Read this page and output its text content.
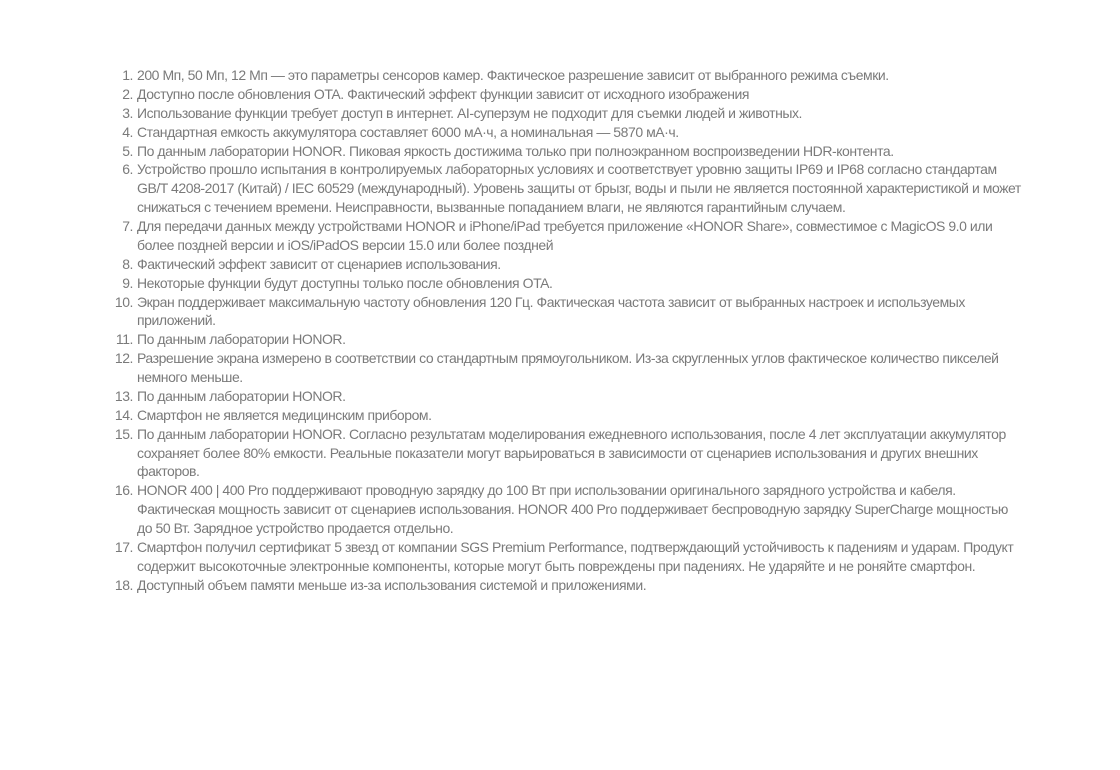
1. 200 Мп, 50 Мп, 12 Мп — это параметры сенсоров камер. Фактическое разрешение зависит от выбранного режима съемки.
2. Доступно после обновления OTA. Фактический эффект функции зависит от исходного изображения
3. Использование функции требует доступ в интернет. AI-суперзум не подходит для съемки людей и животных.
4. Стандартная емкость аккумулятора составляет 6000 мА·ч, а номинальная — 5870 мА·ч.
5. По данным лаборатории HONOR. Пиковая яркость достижима только при полноэкранном воспроизведении HDR-контента.
6. Устройство прошло испытания в контролируемых лабораторных условиях и соответствует уровню защиты IP69 и IP68 согласно стандартам GB/T 4208-2017 (Китай) / IEC 60529 (международный). Уровень защиты от брызг, воды и пыли не является постоянной характеристикой и может снижаться с течением времени. Неисправности, вызванные попаданием влаги, не являются гарантийным случаем.
7. Для передачи данных между устройствами HONOR и iPhone/iPad требуется приложение «HONOR Share», совместимое с MagicOS 9.0 или более поздней версии и iOS/iPadOS версии 15.0 или более поздней
8. Фактический эффект зависит от сценариев использования.
9. Некоторые функции будут доступны только после обновления OTA.
10. Экран поддерживает максимальную частоту обновления 120 Гц. Фактическая частота зависит от выбранных настроек и используемых приложений.
11. По данным лаборатории HONOR.
12. Разрешение экрана измерено в соответствии со стандартным прямоугольником. Из-за скругленных углов фактическое количество пикселей немного меньше.
13. По данным лаборатории HONOR.
14. Смартфон не является медицинским прибором.
15. По данным лаборатории HONOR. Согласно результатам моделирования ежедневного использования, после 4 лет эксплуатации аккумулятор сохраняет более 80% емкости. Реальные показатели могут варьироваться в зависимости от сценариев использования и других внешних факторов.
16. HONOR 400 | 400 Pro поддерживают проводную зарядку до 100 Вт при использовании оригинального зарядного устройства и кабеля. Фактическая мощность зависит от сценариев использования. HONOR 400 Pro поддерживает беспроводную зарядку SuperCharge мощностью до 50 Вт. Зарядное устройство продается отдельно.
17. Смартфон получил сертификат 5 звезд от компании SGS Premium Performance, подтверждающий устойчивость к падениям и ударам. Продукт содержит высокоточные электронные компоненты, которые могут быть повреждены при падениях. Не ударяйте и не роняйте смартфон.
18. Доступный объем памяти меньше из-за использования системой и приложениями.
